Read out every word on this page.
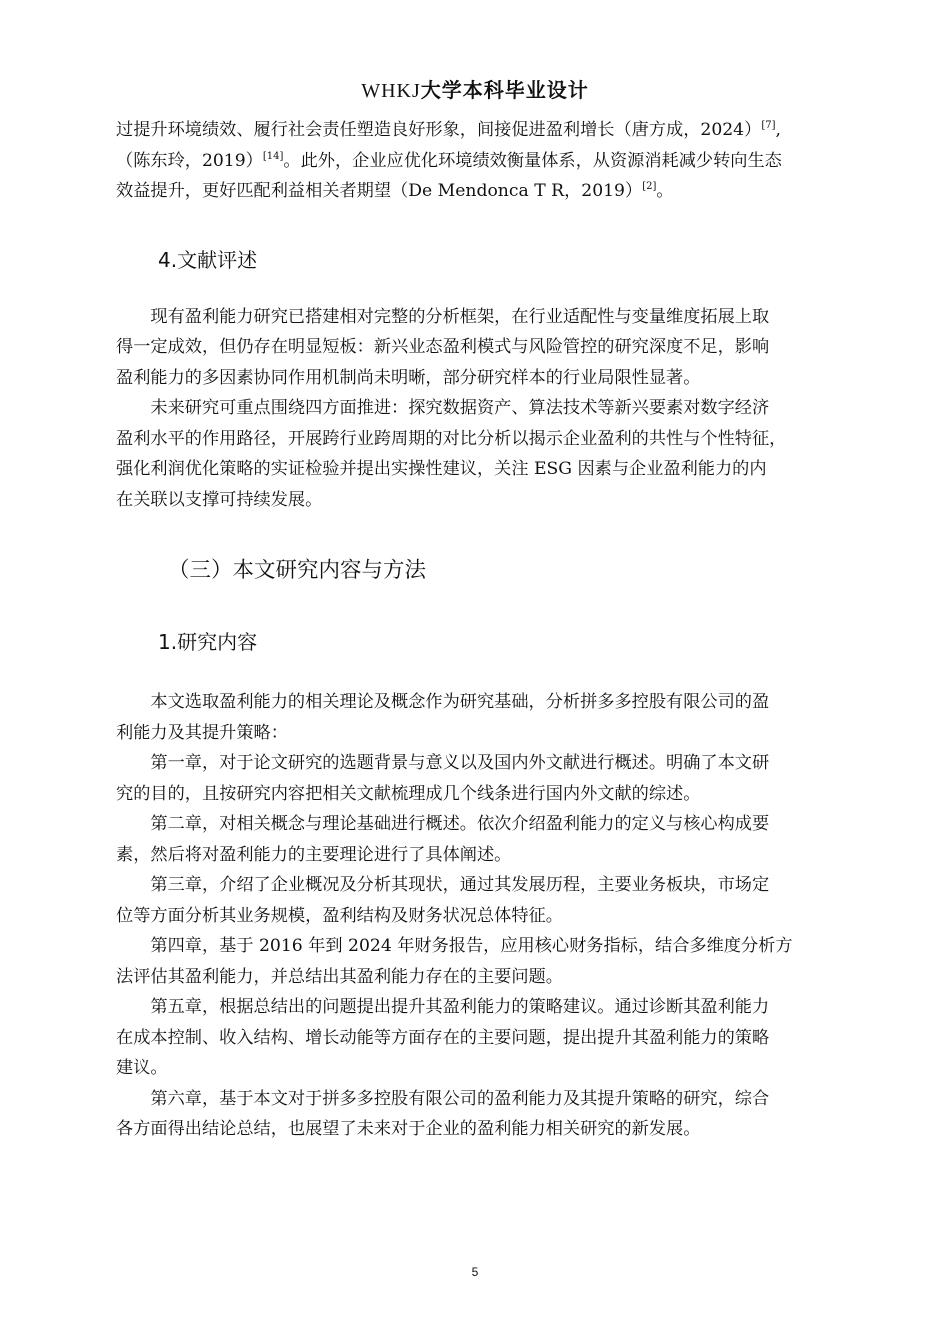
WHKJ大学本科毕业设计

过提升环境绩效、履行社会责任塑造良好形象，间接促进盈利增长（唐方成，2024）[7],
（陈东玲，2019）[14]。此外，企业应优化环境绩效衡量体系，从资源消耗减少转向生态
效益提升，更好匹配利益相关者期望（De Mendonca T R，2019）[2]。

4.文献评述

现有盈利能力研究已搭建相对完整的分析框架，在行业适配性与变量维度拓展上取
得一定成效，但仍存在明显短板：新兴业态盈利模式与风险管控的研究深度不足，影响
盈利能力的多因素协同作用机制尚未明晰，部分研究样本的行业局限性显著。

未来研究可重点围绕四方面推进：探究数据资产、算法技术等新兴要素对数字经济
盈利水平的作用路径，开展跨行业跨周期的对比分析以揭示企业盈利的共性与个性特征，
强化利润优化策略的实证检验并提出实操性建议，关注 ESG 因素与企业盈利能力的内
在关联以支撑可持续发展。

（三）本文研究内容与方法
1.研究内容

本文选取盈利能力的相关理论及概念作为研究基础，分析拼多多控股有限公司的盈
利能力及其提升策略：

第一章，对于论文研究的选题背景与意义以及国内外文献进行概述。明确了本文研
究的目的，且按研究内容把相关文献梳理成几个线条进行国内外文献的综述。

第二章，对相关概念与理论基础进行概述。依次介绍盈利能力的定义与核心构成要
素，然后将对盈利能力的主要理论进行了具体阐述。

第三章，介绍了企业概况及分析其现状，通过其发展历程，主要业务板块，市场定
位等方面分析其业务规模，盈利结构及财务状况总体特征。

第四章，基于 2016 年到 2024 年财务报告，应用核心财务指标，结合多维度分析方
法评估其盈利能力，并总结出其盈利能力存在的主要问题。

第五章，根据总结出的问题提出提升其盈利能力的策略建议。通过诊断其盈利能力
在成本控制、收入结构、增长动能等方面存在的主要问题，提出提升其盈利能力的策略
建议。

第六章，基于本文对于拼多多控股有限公司的盈利能力及其提升策略的研究，综合
各方面得出结论总结，也展望了未来对于企业的盈利能力相关研究的新发展。

5
